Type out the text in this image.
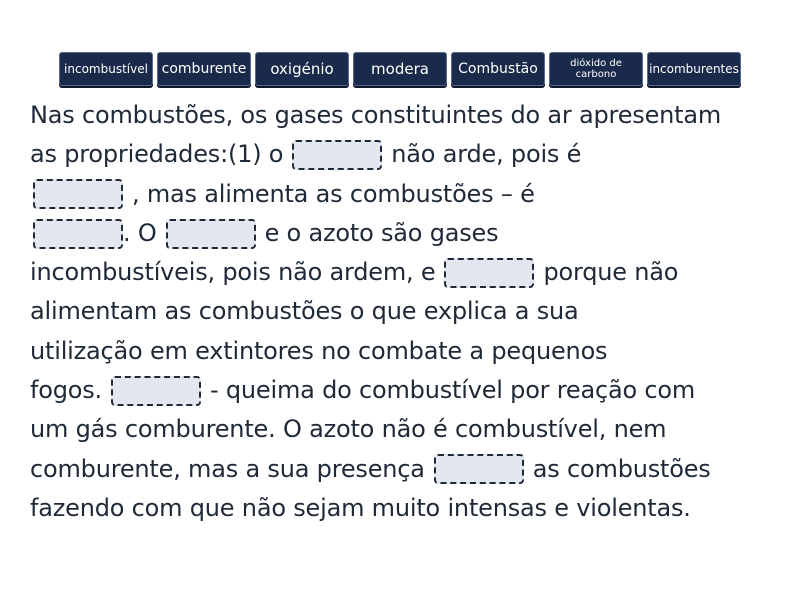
incombustível comburente oxigénio modera Combustão	dióxido de carbono	incomburentes
Nas combustões, os gases constituintes do ar apresentam
as propriedades:(1) o	não arde, pois é
, mas alimenta as combustões – é
. O	e o azoto são gases
incombustíveis, pois não ardem, e	porque não
alimentam as combustões o que explica a sua
utilização em extintores no combate a pequenos
fogos.	- queima do combustível por reação com
um gás comburente. O azoto não é combustível, nem
comburente, mas a sua presença	as combustões
fazendo com que não sejam muito intensas e violentas.
